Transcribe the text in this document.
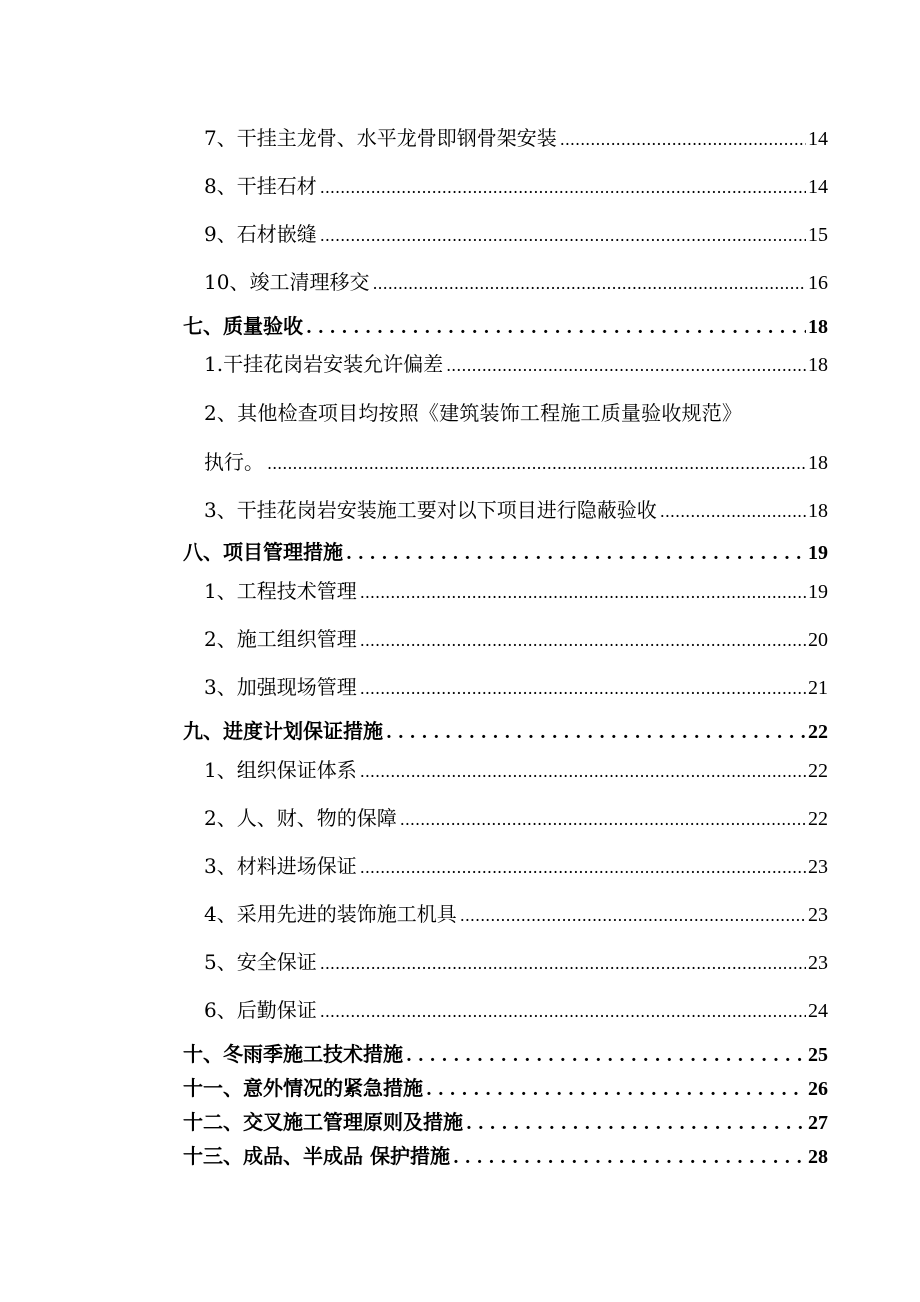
7、干挂主龙骨、水平龙骨即钢骨架安装 .....	14
8、干挂石材 .....	14
9、石材嵌缝 .....	15
10、竣工清理移交 .....	16
七、质量验收 . . .	18
1.干挂花岗岩安装允许偏差 .....	18
2、其他检查项目均按照《建筑装饰工程施工质量验收规范》
执行。 .....	18
3、干挂花岗岩安装施工要对以下项目进行隐蔽验收 .....	18
八、项目管理措施 . . .	19
1、工程技术管理 .....	19
2、施工组织管理 .....	20
3、加强现场管理 .....	21
九、进度计划保证措施 . . .	22
1、组织保证体系 .....	22
2、人、财、物的保障 .....	22
3、材料进场保证 .....	23
4、采用先进的装饰施工机具 .....	23
5、安全保证 .....	23
6、后勤保证 .....	24
十、冬雨季施工技术措施 . . .	25
十一、意外情况的紧急措施 . . .	26
十二、交叉施工管理原则及措施 . . .	27
十三、成品、半成品 保护措施 . . .	28
